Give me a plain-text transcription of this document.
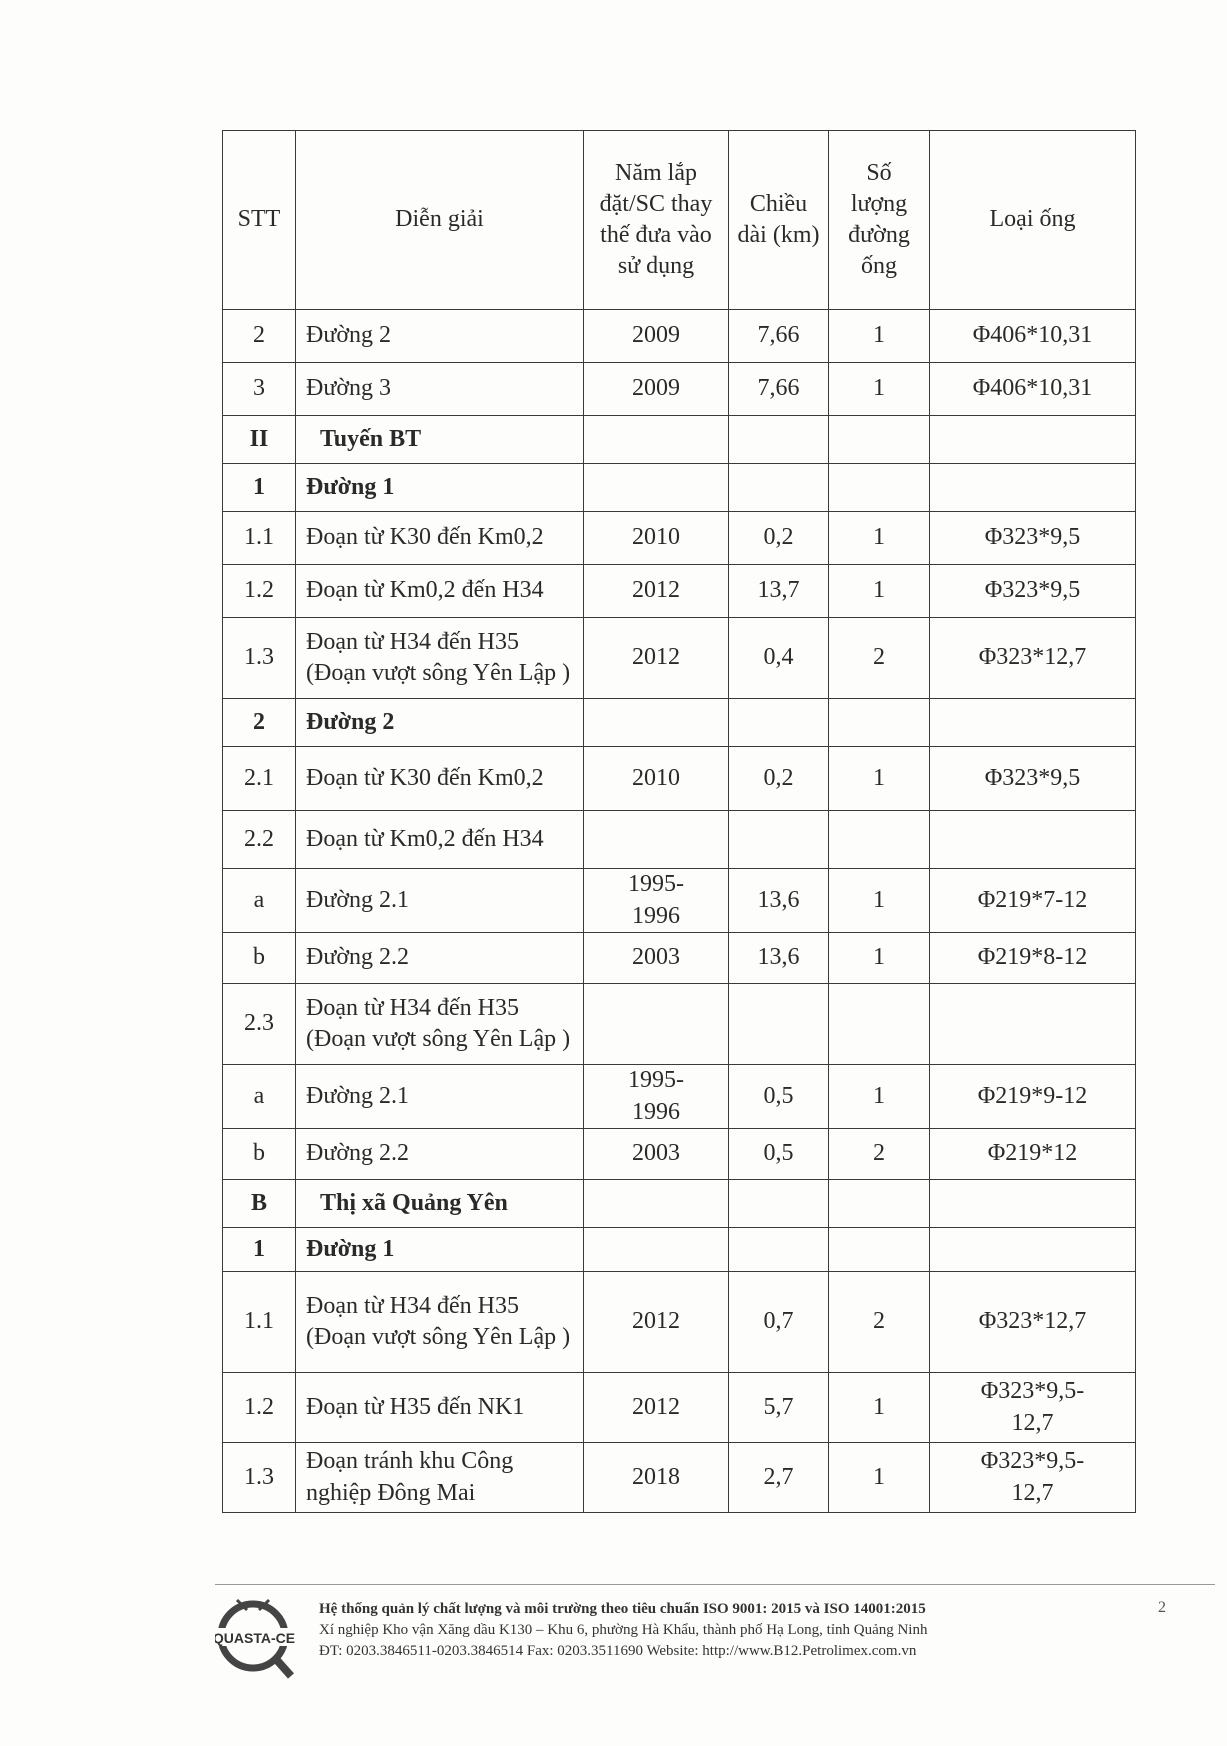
STT	Diễn giải	Năm lắp đặt/SC thay thế đưa vào sử dụng	Chiều dài (km)	Số lượng đường ống	Loại ống
2	Đường 2	2009	7,66	1	Φ406*10,31
3	Đường 3	2009	7,66	1	Φ406*10,31
II	Tuyến BT				
1	Đường 1				
1.1	Đoạn từ K30 đến Km0,2	2010	0,2	1	Φ323*9,5
1.2	Đoạn từ Km0,2 đến H34	2012	13,7	1	Φ323*9,5
1.3	Đoạn từ H34 đến H35 (Đoạn vượt sông Yên Lập )	2012	0,4	2	Φ323*12,7
2	Đường 2				
2.1	Đoạn từ K30 đến Km0,2	2010	0,2	1	Φ323*9,5
2.2	Đoạn từ Km0,2 đến H34				
a	Đường 2.1	1995-1996	13,6	1	Φ219*7-12
b	Đường 2.2	2003	13,6	1	Φ219*8-12
2.3	Đoạn từ H34 đến H35 (Đoạn vượt sông Yên Lập )				
a	Đường 2.1	1995-1996	0,5	1	Φ219*9-12
b	Đường 2.2	2003	0,5	2	Φ219*12
B	Thị xã Quảng Yên				
1	Đường 1				
1.1	Đoạn từ H34 đến H35 (Đoạn vượt sông Yên Lập )	2012	0,7	2	Φ323*12,7
1.2	Đoạn từ H35 đến NK1	2012	5,7	1	Φ323*9,5-12,7
1.3	Đoạn tránh khu Công nghiệp Đông Mai	2018	2,7	1	Φ323*9,5-12,7
QUASTA-CE
Hệ thống quản lý chất lượng và môi trường theo tiêu chuẩn ISO 9001: 2015 và ISO 14001:2015
Xí nghiệp Kho vận Xăng dầu K130 – Khu 6, phường Hà Khẩu, thành phố Hạ Long, tỉnh Quảng Ninh
ĐT: 0203.3846511-0203.3846514 Fax: 0203.3511690 Website: http://www.B12.Petrolimex.com.vn
2
